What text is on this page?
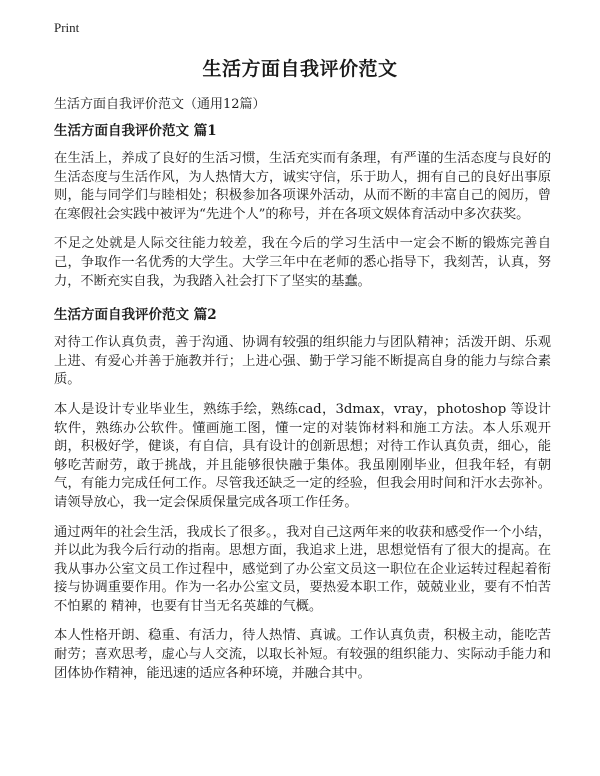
Print
生活方面自我评价范文
生活方面自我评价范文（通用12篇）
生活方面自我评价范文 篇1

在生活上，养成了良好的生活习惯，生活充实而有条理，有严谨的生活态度与良好的生活态度与生活作风，为人热情大方，诚实守信，乐于助人，拥有自己的良好出事原则，能与同学们与睦相处；积极参加各项课外活动，从而不断的丰富自己的阅历，曾在寒假社会实践中被评为“先进个人”的称号，并在各项文娱体育活动中多次获奖。

不足之处就是人际交往能力较差，我在今后的学习生活中一定会不断的锻炼完善自己，争取作一名优秀的大学生。大学三年中在老师的悉心指导下，我刻苦，认真，努力，不断充实自我，为我踏入社会打下了坚实的基蠢。

生活方面自我评价范文 篇2

对待工作认真负责，善于沟通、协调有较强的组织能力与团队精神；活泼开朗、乐观上进、有爱心并善于施教并行；上进心强、勤于学习能不断提高自身的能力与综合素质。

本人是设计专业毕业生，熟练手绘，熟练cad，3dmax，vray，photoshop 等设计软件，熟练办公软件。懂画施工图，懂一定的对装饰材料和施工方法。本人乐观开朗，积极好学，健谈，有自信，具有设计的创新思想；对待工作认真负责，细心，能够吃苦耐劳，敢于挑战，并且能够很快融于集体。我虽刚刚毕业，但我年轻，有朝气，有能力完成任何工作。尽管我还缺乏一定的经验，但我会用时间和汗水去弥补。请领导放心，我一定会保质保量完成各项工作任务。

通过两年的社会生活，我成长了很多。，我对自己这两年来的收获和感受作一个小结，并以此为我今后行动的指南。思想方面，我追求上进，思想觉悟有了很大的提高。在我从事办公室文员工作过程中，感觉到了办公室文员这一职位在企业运转过程起着衔接与协调重要作用。作为一名办公室文员，要热爱本职工作，兢兢业业，要有不怕苦不怕累的 精神，也要有甘当无名英雄的气概。

本人性格开朗、稳重、有活力，待人热情、真诚。工作认真负责，积极主动，能吃苦耐劳；喜欢思考，虚心与人交流，以取长补短。有较强的组织能力、实际动手能力和团体协作精神，能迅速的适应各种环境，并融合其中。
